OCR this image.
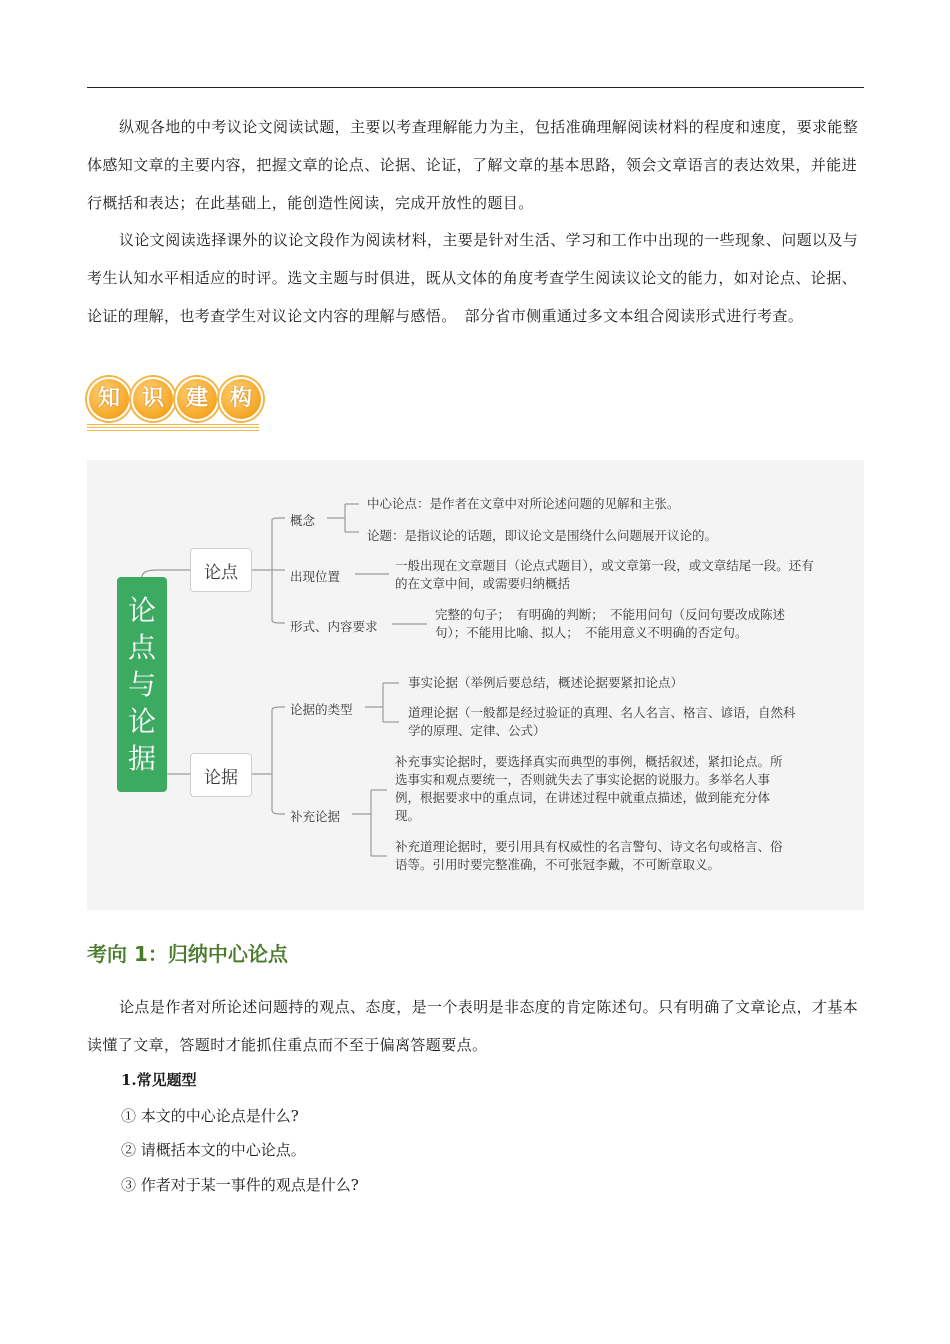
纵观各地的中考议论文阅读试题，主要以考查理解能力为主，包括准确理解阅读材料的程度和速度，要求能整体感知文章的主要内容，把握文章的论点、论据、论证，了解文章的基本思路，领会文章语言的表达效果，并能进行概括和表达；在此基础上，能创造性阅读，完成开放性的题目。

议论文阅读选择课外的议论文段作为阅读材料，主要是针对生活、学习和工作中出现的一些现象、问题以及与考生认知水平相适应的时评。选文主题与时俱进，既从文体的角度考查学生阅读议论文的能力，如对论点、论据、论证的理解，也考查学生对议论文内容的理解与感悟。　部分省市侧重通过多文本组合阅读形式进行考查。

知 识 建 构
论
点
与
论
据
论点
论据
概念
中心论点：是作者在文章中对所论述问题的见解和主张。
论题：是指议论的话题，即议论文是围绕什么问题展开议论的。
出现位置
一般出现在文章题目（论点式题目），或文章第一段，或文章结尾一段。还有的在文章中间，或需要归纳概括
形式、内容要求
完整的句子；　有明确的判断；　不能用问句（反问句要改成陈述句）；不能用比喻、拟人；　不能用意义不明确的否定句。
论据的类型
事实论据（举例后要总结，概述论据要紧扣论点）
道理论据（一般都是经过验证的真理、名人名言、格言、谚语，自然科学的原理、定律、公式）
补充论据
补充事实论据时，要选择真实而典型的事例，概括叙述，紧扣论点。所选事实和观点要统一，否则就失去了事实论据的说服力。多举名人事例，根据要求中的重点词，在讲述过程中就重点描述，做到能充分体现。
补充道理论据时，要引用具有权威性的名言警句、诗文名句或格言、俗语等。引用时要完整准确，不可张冠李戴，不可断章取义。
考向 1：归纳中心论点

论点是作者对所论述问题持的观点、态度，是一个表明是非态度的肯定陈述句。只有明确了文章论点，才基本读懂了文章，答题时才能抓住重点而不至于偏离答题要点。

1.常见题型

① 本文的中心论点是什么?

② 请概括本文的中心论点。

③ 作者对于某一事件的观点是什么?
